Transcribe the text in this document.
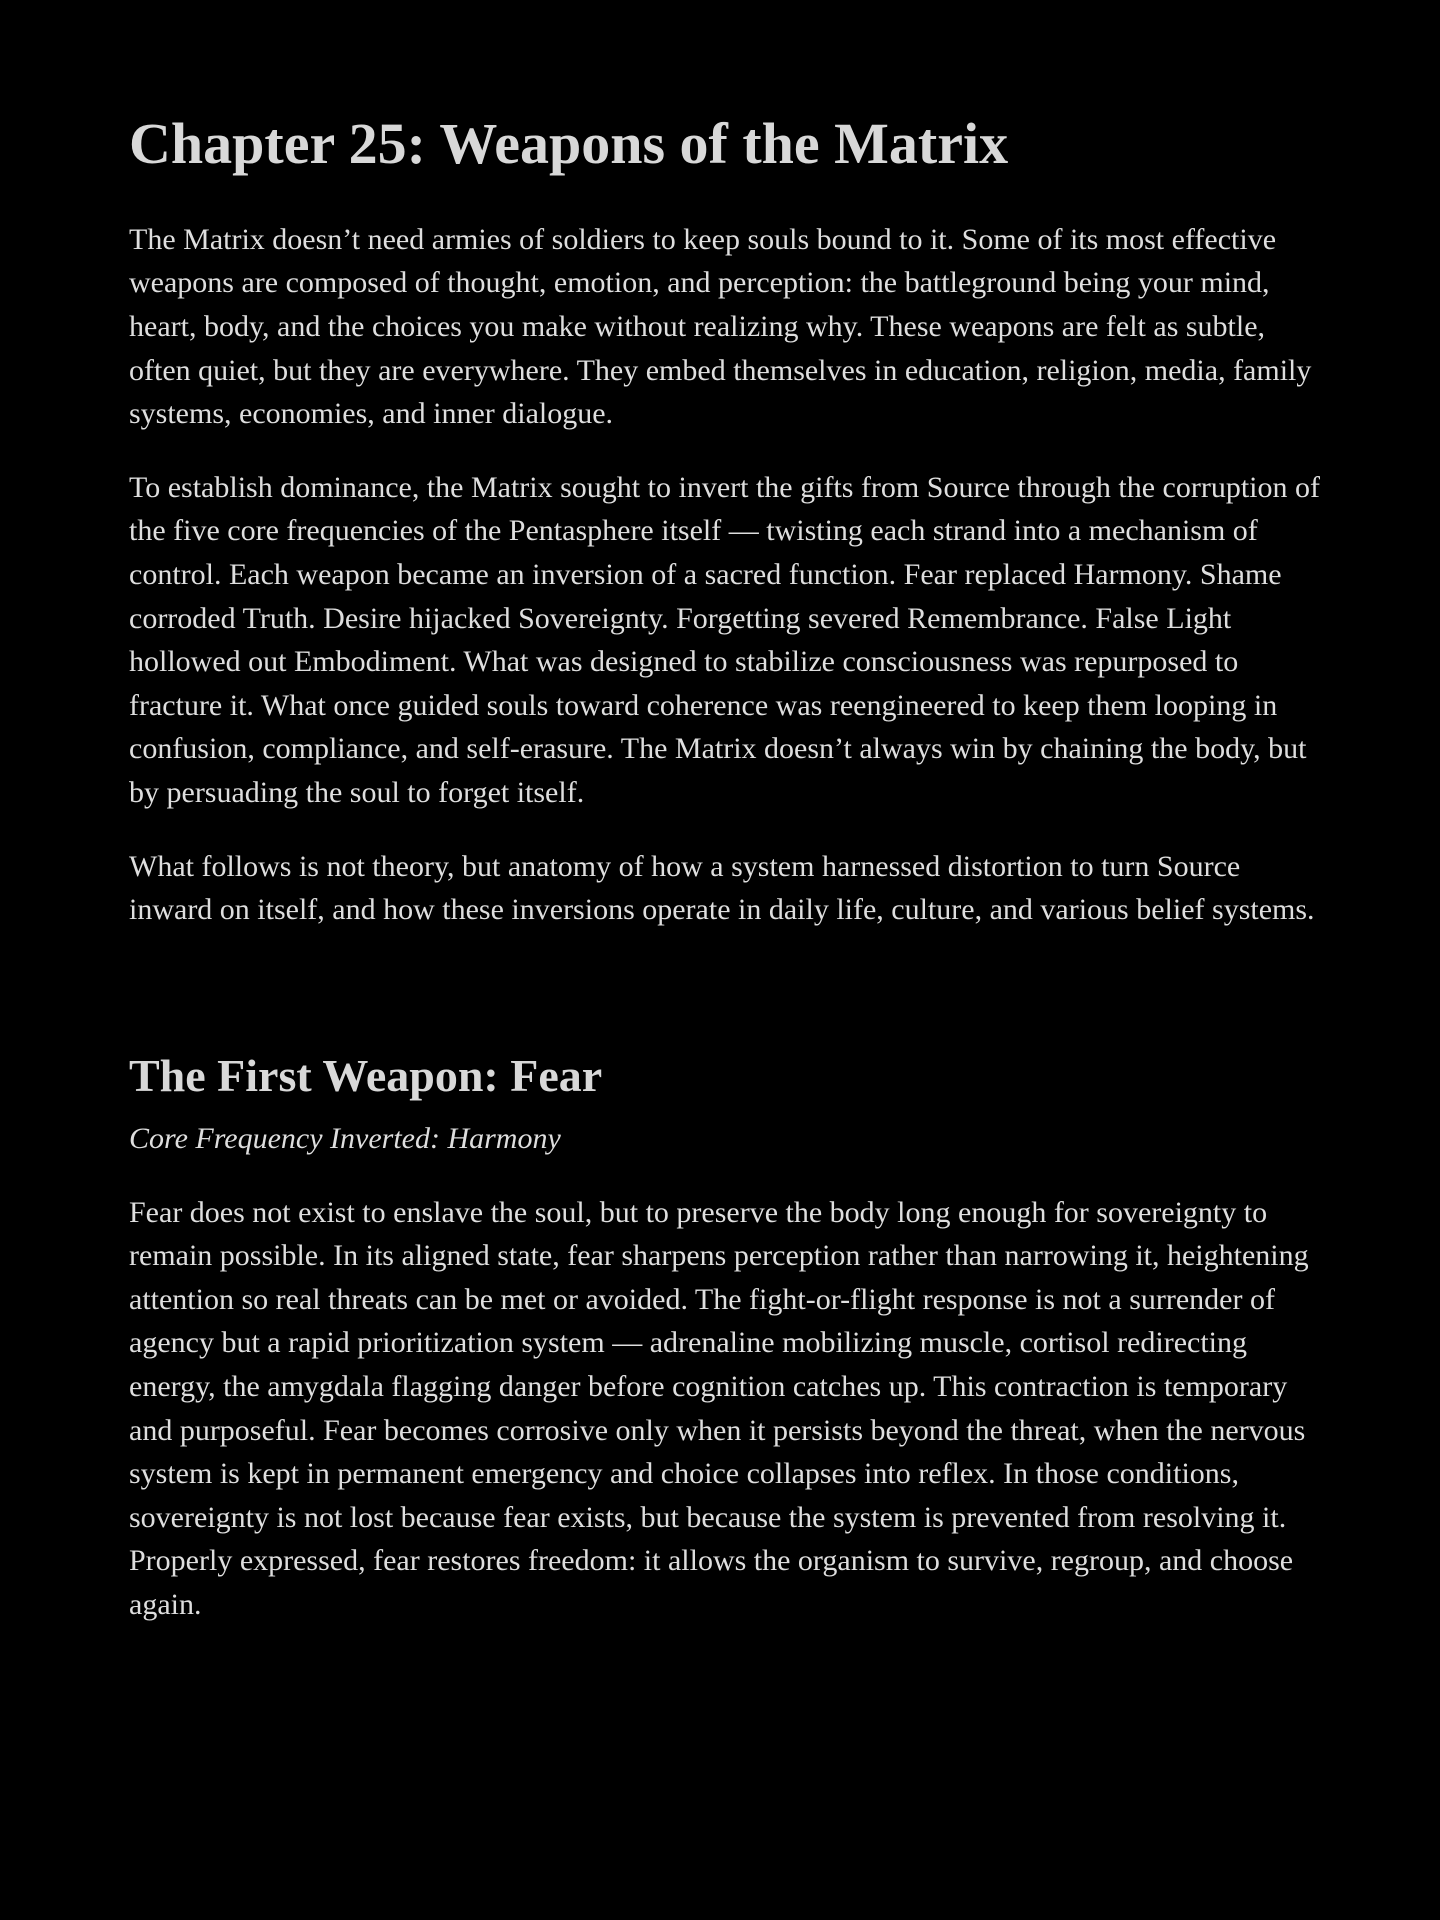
Chapter 25: Weapons of the Matrix

The Matrix doesn’t need armies of soldiers to keep souls bound to it. Some of its most effective weapons are composed of thought, emotion, and perception: the battleground being your mind, heart, body, and the choices you make without realizing why. These weapons are felt as subtle, often quiet, but they are everywhere. They embed themselves in education, religion, media, family systems, economies, and inner dialogue.

To establish dominance, the Matrix sought to invert the gifts from Source through the corruption of the five core frequencies of the Pentasphere itself — twisting each strand into a mechanism of control. Each weapon became an inversion of a sacred function. Fear replaced Harmony. Shame corroded Truth. Desire hijacked Sovereignty. Forgetting severed Remembrance. False Light hollowed out Embodiment. What was designed to stabilize consciousness was repurposed to fracture it. What once guided souls toward coherence was reengineered to keep them looping in confusion, compliance, and self-erasure. The Matrix doesn’t always win by chaining the body, but by persuading the soul to forget itself.

What follows is not theory, but anatomy of how a system harnessed distortion to turn Source inward on itself, and how these inversions operate in daily life, culture, and various belief systems.

The First Weapon: Fear

Core Frequency Inverted: Harmony

Fear does not exist to enslave the soul, but to preserve the body long enough for sovereignty to remain possible. In its aligned state, fear sharpens perception rather than narrowing it, heightening attention so real threats can be met or avoided. The fight-or-flight response is not a surrender of agency but a rapid prioritization system — adrenaline mobilizing muscle, cortisol redirecting energy, the amygdala flagging danger before cognition catches up. This contraction is temporary and purposeful. Fear becomes corrosive only when it persists beyond the threat, when the nervous system is kept in permanent emergency and choice collapses into reflex. In those conditions, sovereignty is not lost because fear exists, but because the system is prevented from resolving it. Properly expressed, fear restores freedom: it allows the organism to survive, regroup, and choose again.
